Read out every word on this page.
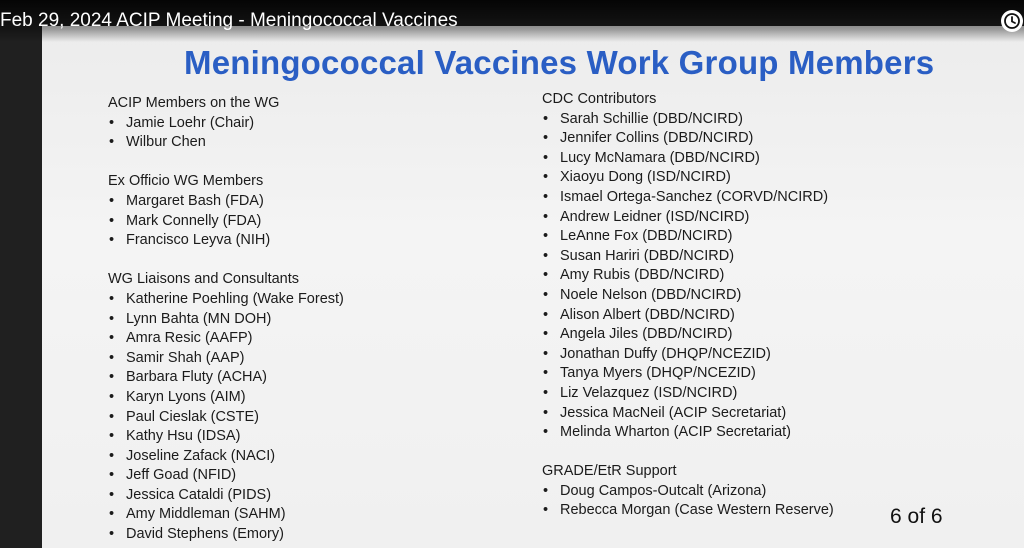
Meningococcal Vaccines Work Group Members
ACIP Members on the WG
• Jamie Loehr (Chair)
• Wilbur Chen
Ex Officio WG Members
• Margaret Bash (FDA)
• Mark Connelly (FDA)
• Francisco Leyva (NIH)
WG Liaisons and Consultants
• Katherine Poehling (Wake Forest)
• Lynn Bahta (MN DOH)
• Amra Resic (AAFP)
• Samir Shah (AAP)
• Barbara Fluty (ACHA)
• Karyn Lyons (AIM)
• Paul Cieslak (CSTE)
• Kathy Hsu (IDSA)
• Joseline Zafack (NACI)
• Jeff Goad (NFID)
• Jessica Cataldi (PIDS)
• Amy Middleman (SAHM)
• David Stephens (Emory)
CDC Contributors
• Sarah Schillie (DBD/NCIRD)
• Jennifer Collins (DBD/NCIRD)
• Lucy McNamara (DBD/NCIRD)
• Xiaoyu Dong (ISD/NCIRD)
• Ismael Ortega-Sanchez (CORVD/NCIRD)
• Andrew Leidner (ISD/NCIRD)
• LeAnne Fox (DBD/NCIRD)
• Susan Hariri (DBD/NCIRD)
• Amy Rubis (DBD/NCIRD)
• Noele Nelson (DBD/NCIRD)
• Alison Albert (DBD/NCIRD)
• Angela Jiles (DBD/NCIRD)
• Jonathan Duffy (DHQP/NCEZID)
• Tanya Myers (DHQP/NCEZID)
• Liz Velazquez (ISD/NCIRD)
• Jessica MacNeil (ACIP Secretariat)
• Melinda Wharton (ACIP Secretariat)
GRADE/EtR Support
• Doug Campos-Outcalt (Arizona)
• Rebecca Morgan (Case Western Reserve)	6 of 6
Feb 29, 2024 ACIP Meeting - Meningococcal Vaccines
